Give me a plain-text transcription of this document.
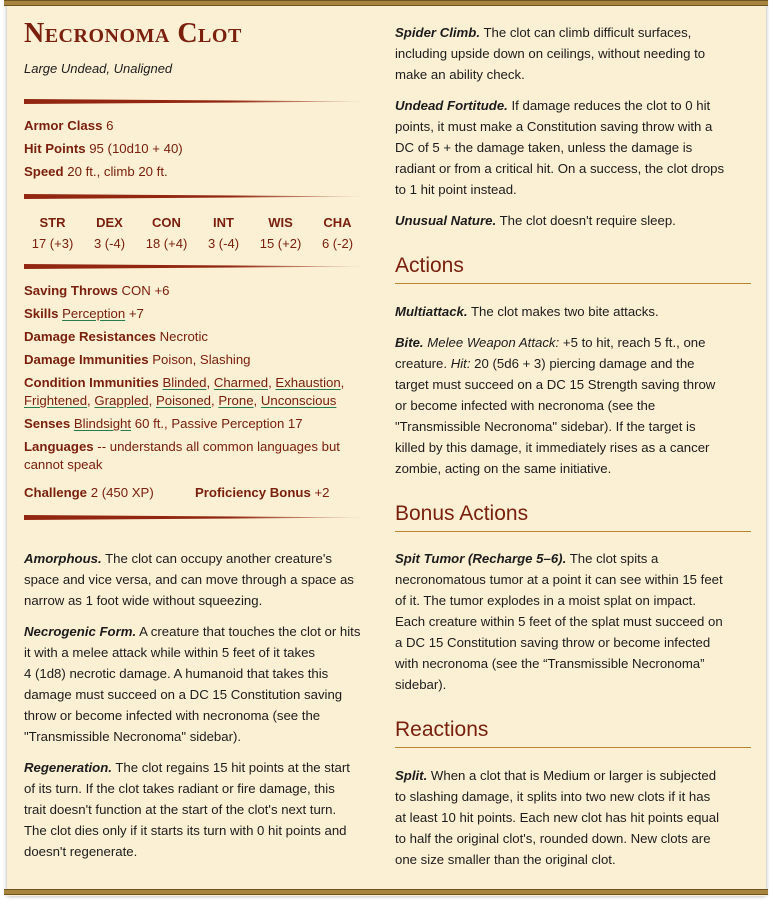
Necronoma Clot
Large Undead, Unaligned
Armor Class 6
Hit Points 95 (10d10 + 40)
Speed 20 ft., climb 20 ft.
STR
17 (+3)
DEX
3 (-4)
CON
18 (+4)
INT
3 (-4)
WIS
15 (+2)
CHA
6 (-2)
Saving Throws CON +6
Skills Perception +7
Damage Resistances Necrotic
Damage Immunities Poison, Slashing
Condition Immunities Blinded, Charmed, Exhaustion,
Frightened, Grappled, Poisoned, Prone, Unconscious
Senses Blindsight 60 ft., Passive Perception 17
Languages -- understands all common languages but
cannot speak
Challenge 2 (450 XP)	Proficiency Bonus +2
Amorphous. The clot can occupy another creature's
space and vice versa, and can move through a space as
narrow as 1 foot wide without squeezing.
Necrogenic Form. A creature that touches the clot or hits
it with a melee attack while within 5 feet of it takes
4 (1d8) necrotic damage. A humanoid that takes this
damage must succeed on a DC 15 Constitution saving
throw or become infected with necronoma (see the
"Transmissible Necronoma" sidebar).
Regeneration. The clot regains 15 hit points at the start
of its turn. If the clot takes radiant or fire damage, this
trait doesn't function at the start of the clot's next turn.
The clot dies only if it starts its turn with 0 hit points and
doesn't regenerate.
Spider Climb. The clot can climb difficult surfaces,
including upside down on ceilings, without needing to
make an ability check.
Undead Fortitude. If damage reduces the clot to 0 hit
points, it must make a Constitution saving throw with a
DC of 5 + the damage taken, unless the damage is
radiant or from a critical hit. On a success, the clot drops
to 1 hit point instead.
Unusual Nature. The clot doesn't require sleep.
Actions
Multiattack. The clot makes two bite attacks.
Bite. Melee Weapon Attack: +5 to hit, reach 5 ft., one
creature. Hit: 20 (5d6 + 3) piercing damage and the
target must succeed on a DC 15 Strength saving throw
or become infected with necronoma (see the
"Transmissible Necronoma" sidebar). If the target is
killed by this damage, it immediately rises as a cancer
zombie, acting on the same initiative.
Bonus Actions
Spit Tumor (Recharge 5–6). The clot spits a
necronomatous tumor at a point it can see within 15 feet
of it. The tumor explodes in a moist splat on impact.
Each creature within 5 feet of the splat must succeed on
a DC 15 Constitution saving throw or become infected
with necronoma (see the “Transmissible Necronoma”
sidebar).
Reactions
Split. When a clot that is Medium or larger is subjected
to slashing damage, it splits into two new clots if it has
at least 10 hit points. Each new clot has hit points equal
to half the original clot's, rounded down. New clots are
one size smaller than the original clot.
